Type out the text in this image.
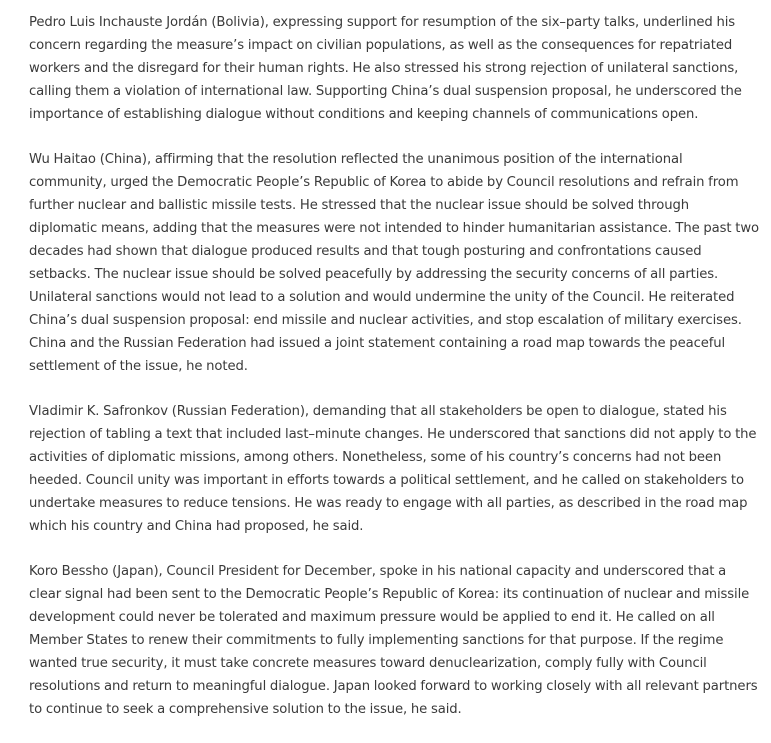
Pedro Luis Inchauste Jordán (Bolivia), expressing support for resumption of the six–party talks, underlined his concern regarding the measure’s impact on civilian populations, as well as the consequences for repatriated workers and the disregard for their human rights. He also stressed his strong rejection of unilateral sanctions, calling them a violation of international law. Supporting China’s dual suspension proposal, he underscored the importance of establishing dialogue without conditions and keeping channels of communications open.

Wu Haitao (China), affirming that the resolution reflected the unanimous position of the international community, urged the Democratic People’s Republic of Korea to abide by Council resolutions and refrain from further nuclear and ballistic missile tests. He stressed that the nuclear issue should be solved through diplomatic means, adding that the measures were not intended to hinder humanitarian assistance. The past two decades had shown that dialogue produced results and that tough posturing and confrontations caused setbacks. The nuclear issue should be solved peacefully by addressing the security concerns of all parties. Unilateral sanctions would not lead to a solution and would undermine the unity of the Council. He reiterated China’s dual suspension proposal: end missile and nuclear activities, and stop escalation of military exercises. China and the Russian Federation had issued a joint statement containing a road map towards the peaceful settlement of the issue, he noted.

Vladimir K. Safronkov (Russian Federation), demanding that all stakeholders be open to dialogue, stated his rejection of tabling a text that included last–minute changes. He underscored that sanctions did not apply to the activities of diplomatic missions, among others. Nonetheless, some of his country’s concerns had not been heeded. Council unity was important in efforts towards a political settlement, and he called on stakeholders to undertake measures to reduce tensions. He was ready to engage with all parties, as described in the road map which his country and China had proposed, he said.

Koro Bessho (Japan), Council President for December, spoke in his national capacity and underscored that a clear signal had been sent to the Democratic People’s Republic of Korea: its continuation of nuclear and missile development could never be tolerated and maximum pressure would be applied to end it. He called on all Member States to renew their commitments to fully implementing sanctions for that purpose. If the regime wanted true security, it must take concrete measures toward denuclearization, comply fully with Council resolutions and return to meaningful dialogue. Japan looked forward to working closely with all relevant partners to continue to seek a comprehensive solution to the issue, he said.
